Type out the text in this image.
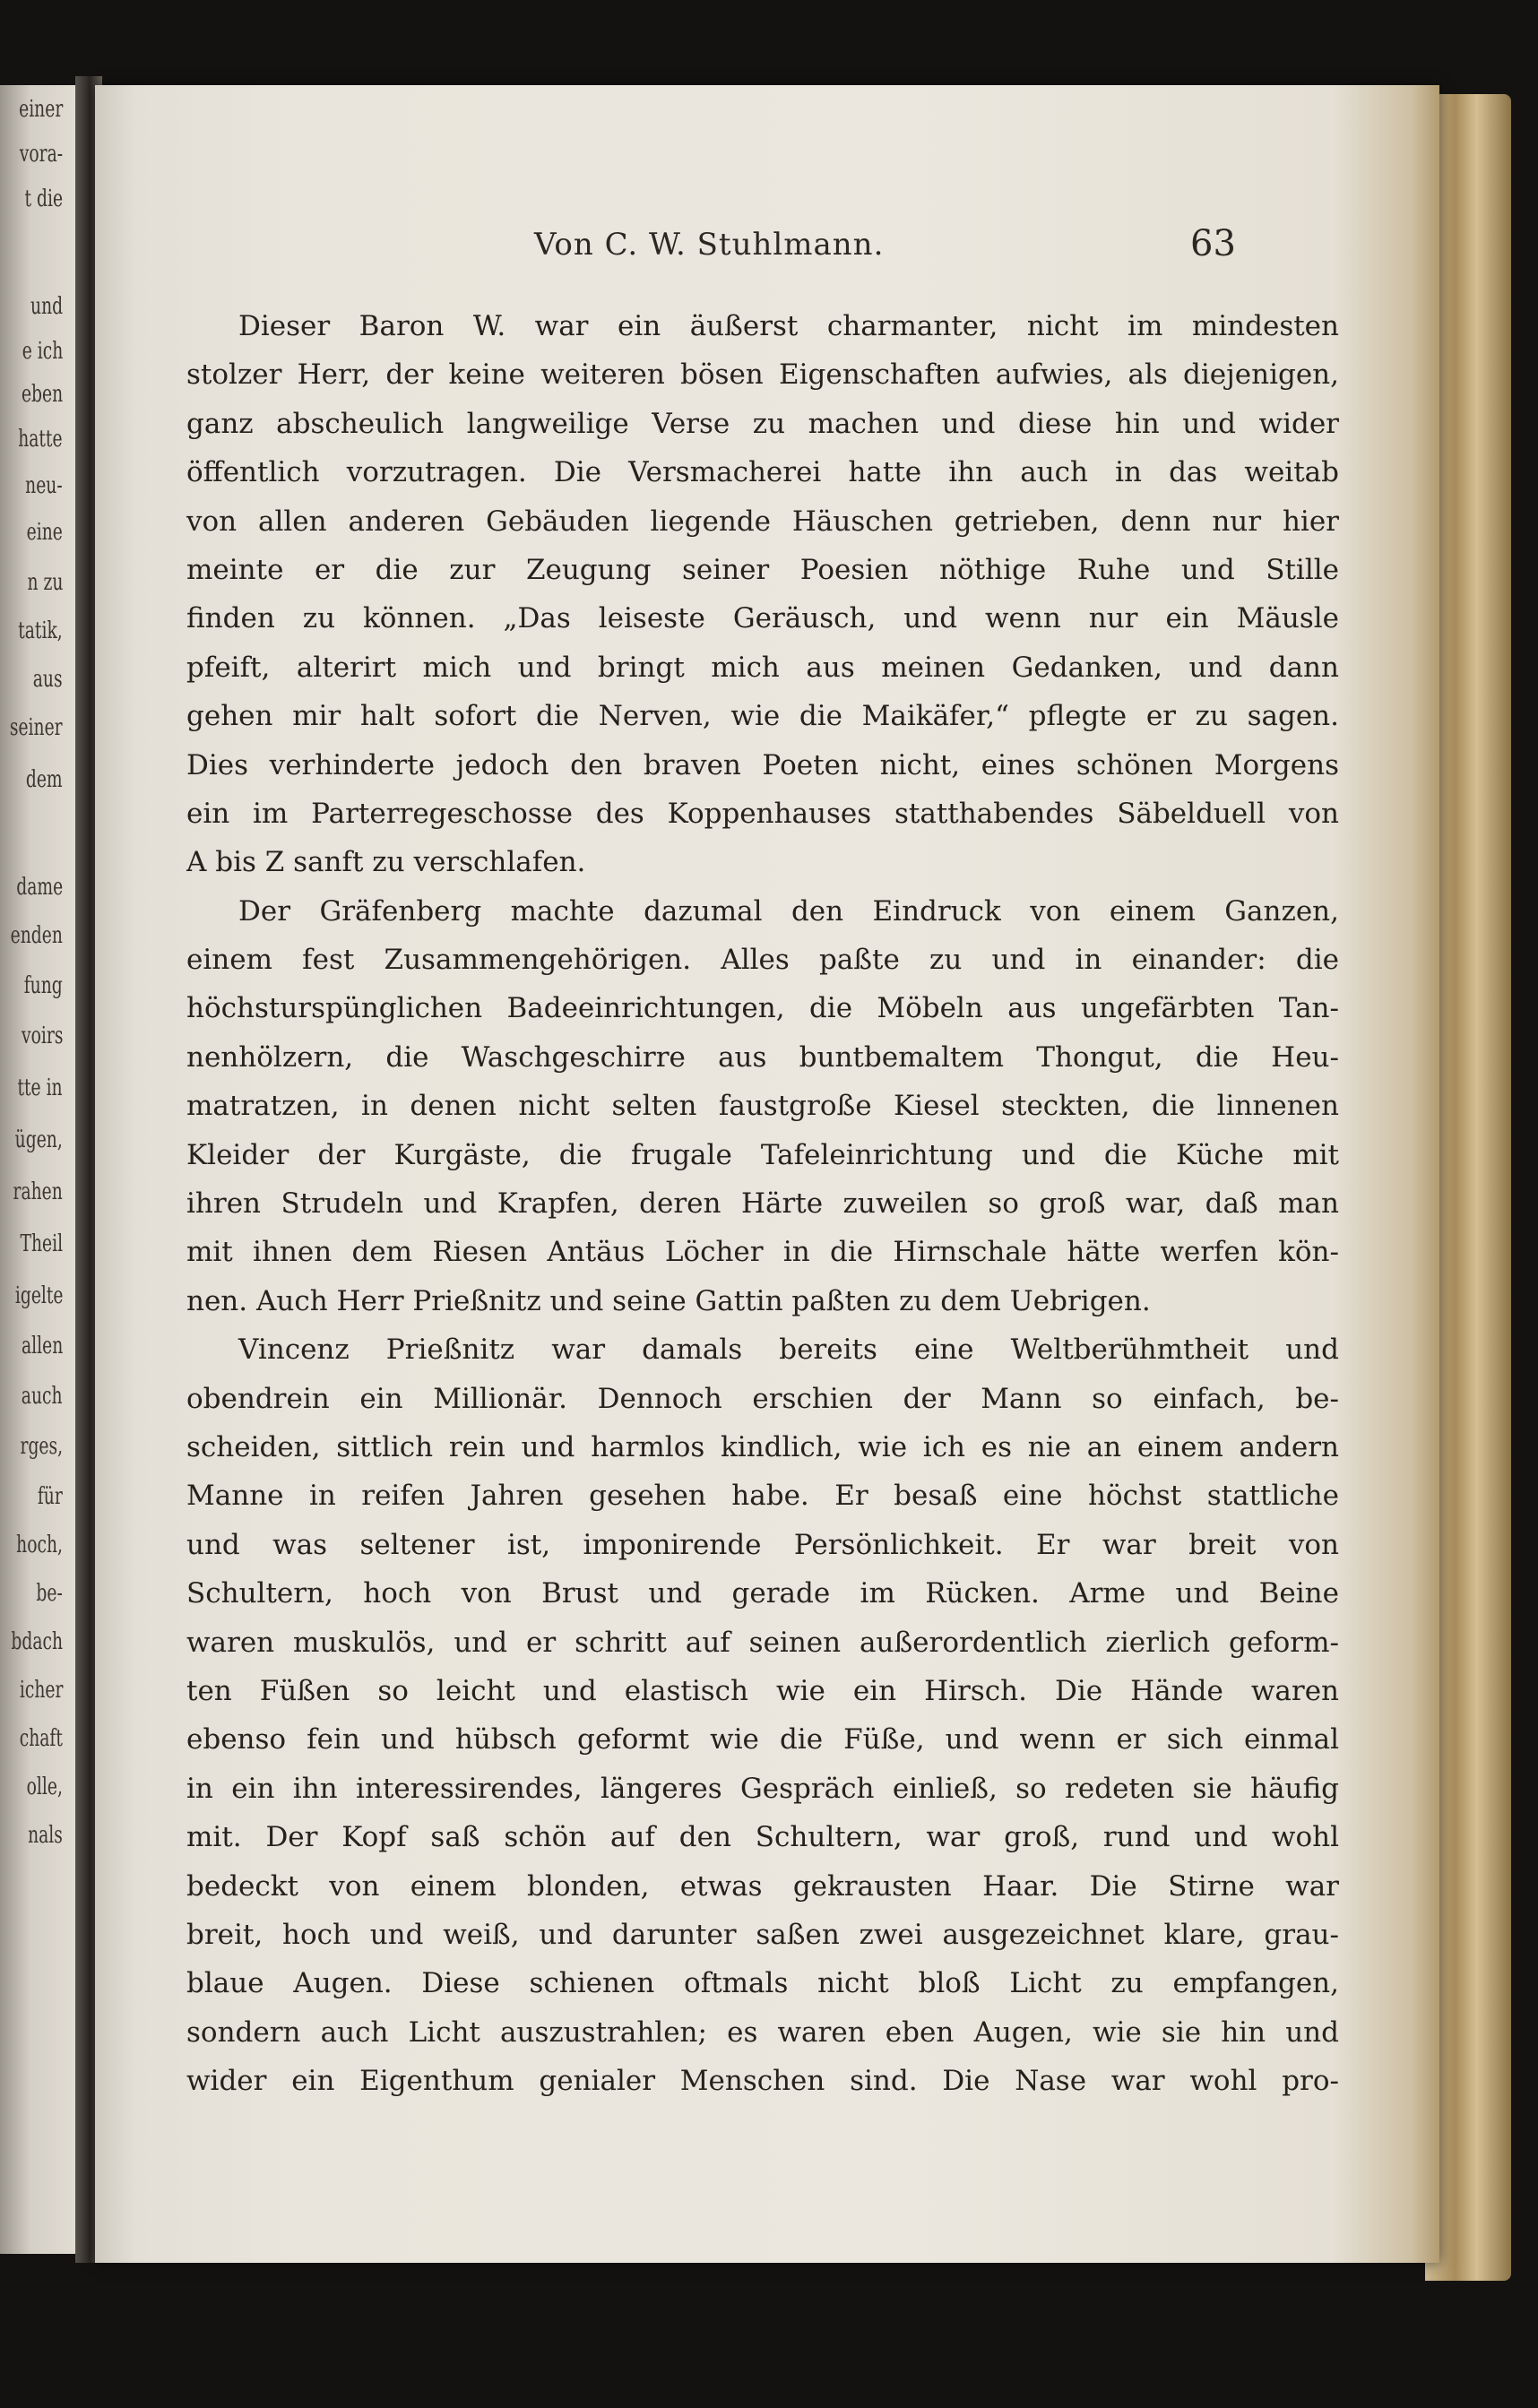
einer
vora-
t die
und
e ich
eben
hatte
neu-
eine
n zu
tatik,
aus
seiner
dem
dame
enden
fung
voirs
tte in
ügen,
rahen
Theil
igelte
allen
auch
rges,
für
hoch,
be-
bdach
icher
chaft
olle,
nals
Von C. W. Stuhlmann.	63
Dieser Baron W. war ein äußerst charmanter, nicht im mindesten
stolzer Herr, der keine weiteren bösen Eigenschaften aufwies, als diejenigen,
ganz abscheulich langweilige Verse zu machen und diese hin und wider
öffentlich vorzutragen. Die Versmacherei hatte ihn auch in das weitab
von allen anderen Gebäuden liegende Häuschen getrieben, denn nur hier
meinte er die zur Zeugung seiner Poesien nöthige Ruhe und Stille
finden zu können. „Das leiseste Geräusch, und wenn nur ein Mäusle
pfeift, alterirt mich und bringt mich aus meinen Gedanken, und dann
gehen mir halt sofort die Nerven, wie die Maikäfer,“ pflegte er zu sagen.
Dies verhinderte jedoch den braven Poeten nicht, eines schönen Morgens
ein im Parterregeschosse des Koppenhauses statthabendes Säbelduell von
A bis Z sanft zu verschlafen.
Der Gräfenberg machte dazumal den Eindruck von einem Ganzen,
einem fest Zusammengehörigen. Alles paßte zu und in einander: die
höchsturspünglichen Badeeinrichtungen, die Möbeln aus ungefärbten Tan-
nenhölzern, die Waschgeschirre aus buntbemaltem Thongut, die Heu-
matratzen, in denen nicht selten faustgroße Kiesel steckten, die linnenen
Kleider der Kurgäste, die frugale Tafeleinrichtung und die Küche mit
ihren Strudeln und Krapfen, deren Härte zuweilen so groß war, daß man
mit ihnen dem Riesen Antäus Löcher in die Hirnschale hätte werfen kön-
nen. Auch Herr Prießnitz und seine Gattin paßten zu dem Uebrigen.
Vincenz Prießnitz war damals bereits eine Weltberühmtheit und
obendrein ein Millionär. Dennoch erschien der Mann so einfach, be-
scheiden, sittlich rein und harmlos kindlich, wie ich es nie an einem andern
Manne in reifen Jahren gesehen habe. Er besaß eine höchst stattliche
und was seltener ist, imponirende Persönlichkeit. Er war breit von
Schultern, hoch von Brust und gerade im Rücken. Arme und Beine
waren muskulös, und er schritt auf seinen außerordentlich zierlich geform-
ten Füßen so leicht und elastisch wie ein Hirsch. Die Hände waren
ebenso fein und hübsch geformt wie die Füße, und wenn er sich einmal
in ein ihn interessirendes, längeres Gespräch einließ, so redeten sie häufig
mit. Der Kopf saß schön auf den Schultern, war groß, rund und wohl
bedeckt von einem blonden, etwas gekrausten Haar. Die Stirne war
breit, hoch und weiß, und darunter saßen zwei ausgezeichnet klare, grau-
blaue Augen. Diese schienen oftmals nicht bloß Licht zu empfangen,
sondern auch Licht auszustrahlen; es waren eben Augen, wie sie hin und
wider ein Eigenthum genialer Menschen sind. Die Nase war wohl pro-
